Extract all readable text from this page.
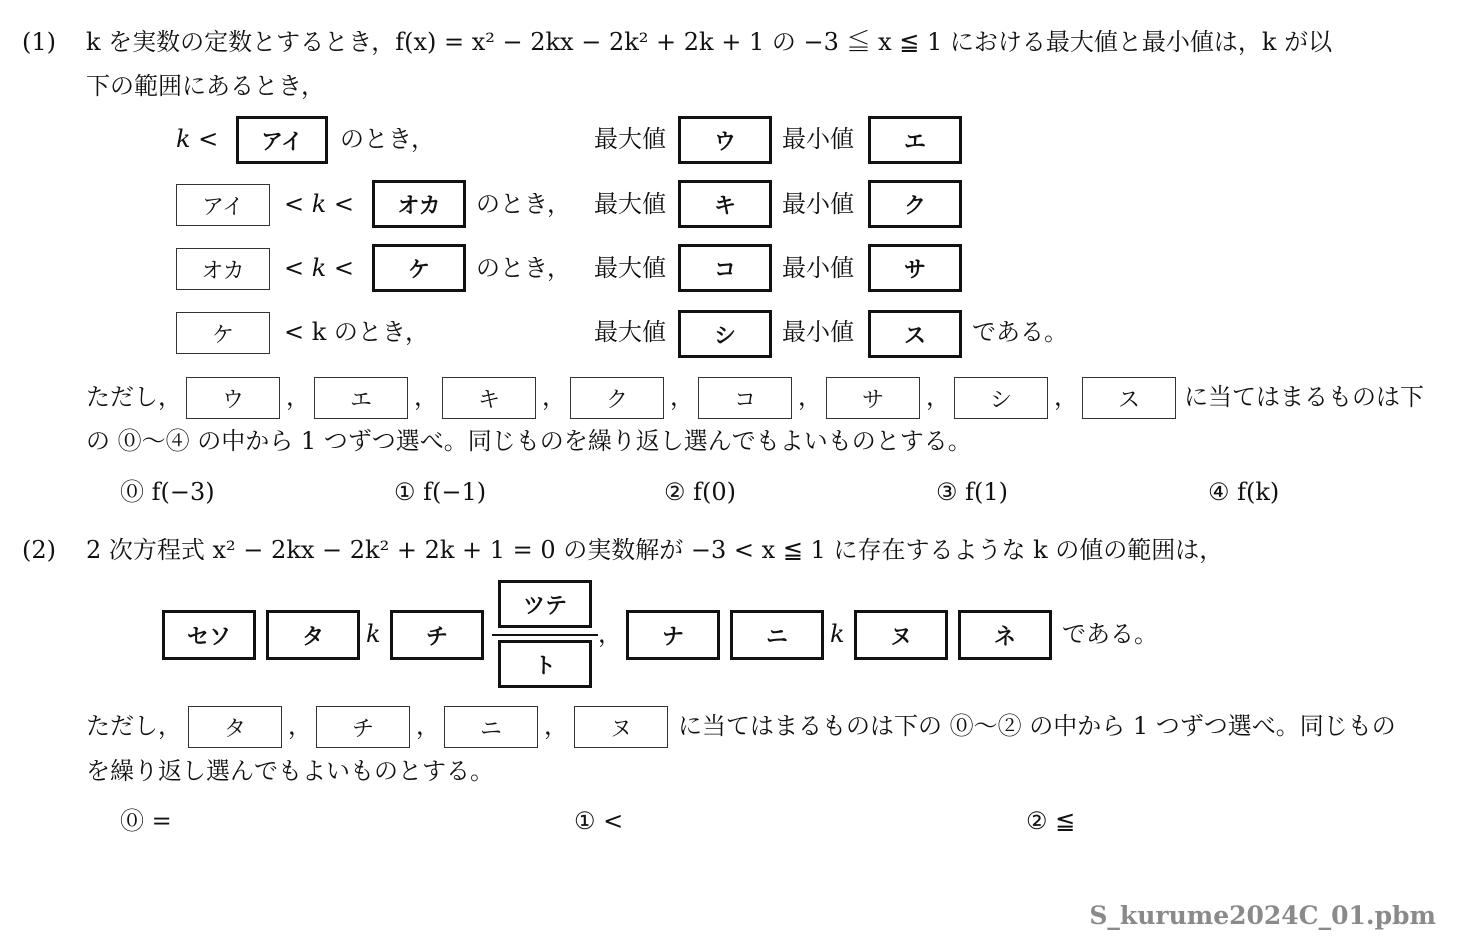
(1) k を実数の定数とするとき，f(x) = x² − 2kx − 2k² + 2k + 1 の −3 ≦ x ≦ 1 における最大値と最小値は，k が以
下の範囲にあるとき，
k <	アイ	のとき，	最大値	ウ	最小値	エ
アイ	< k <	オカ	のとき， 最大値	キ	最小値	ク
オカ	< k <	ケ	のとき， 最大値	コ	最小値	サ
ケ	< k のとき，	最大値	シ	最小値	ス	である。
ただし，	ウ	，	エ	，	キ	，	ク	，	コ	，	サ	，	シ	，	ス	に当てはまるものは下
の ⓪〜④ の中から 1 つずつ選べ。同じものを繰り返し選んでもよいものとする。
⓪ f(−3)	① f(−1)	② f(0)	③ f(1)	④ f(k)
(2) 2 次方程式 x² − 2kx − 2k² + 2k + 1 = 0 の実数解が −3 < x ≦ 1 に存在するような k の値の範囲は，
セソ	タ	k	チ
ツテ
ト
，	ナ	ニ	k	ヌ	ネ	である。
ただし，	タ	，	チ	，	ニ	，	ヌ	に当てはまるものは下の ⓪〜② の中から 1 つずつ選べ。同じもの
を繰り返し選んでもよいものとする。
⓪ =	① <	② ≦
S_kurume2024C_01.pbm
